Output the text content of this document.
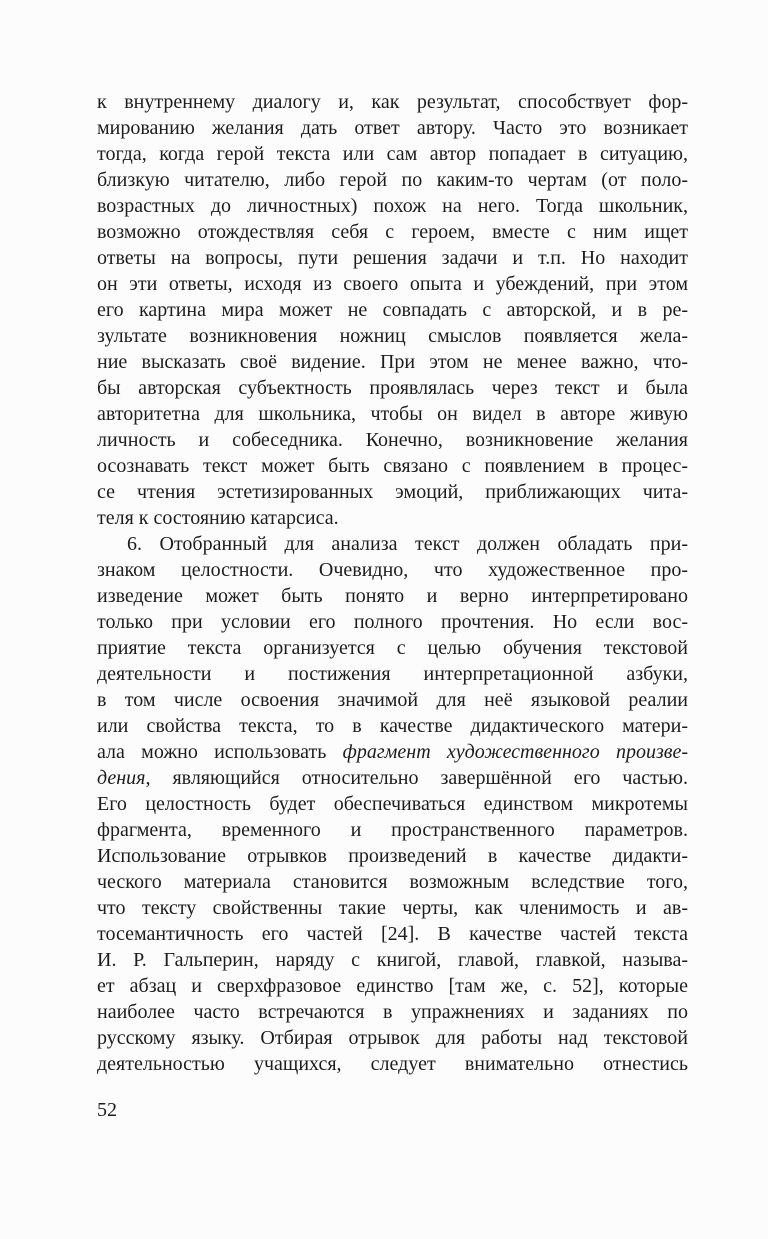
к внутреннему диалогу и, как результат, способствует фор-
мированию желания дать ответ автору. Часто это возникает
тогда, когда герой текста или сам автор попадает в ситуацию,
близкую читателю, либо герой по каким-то чертам (от поло-
возрастных до личностных) похож на него. Тогда школьник,
возможно отождествляя себя с героем, вместе с ним ищет
ответы на вопросы, пути решения задачи и т.п. Но находит
он эти ответы, исходя из своего опыта и убеждений, при этом
его картина мира может не совпадать с авторской, и в ре-
зультате возникновения ножниц смыслов появляется жела-
ние высказать своё видение. При этом не менее важно, что-
бы авторская субъектность проявлялась через текст и была
авторитетна для школьника, чтобы он видел в авторе живую
личность и собеседника. Конечно, возникновение желания
осознавать текст может быть связано с появлением в процес-
се чтения эстетизированных эмоций, приближающих чита-
теля к состоянию катарсиса.
6. Отобранный для анализа текст должен обладать при-
знаком целостности. Очевидно, что художественное про-
изведение может быть понято и верно интерпретировано
только при условии его полного прочтения. Но если вос-
приятие текста организуется с целью обучения текстовой
деятельности и постижения интерпретационной азбуки,
в том числе освоения значимой для неё языковой реалии
или свойства текста, то в качестве дидактического матери-
ала можно использовать фрагмент художественного произве-
дения, являющийся относительно завершённой его частью.
Его целостность будет обеспечиваться единством микротемы
фрагмента, временного и пространственного параметров.
Использование отрывков произведений в качестве дидакти-
ческого материала становится возможным вследствие того,
что тексту свойственны такие черты, как членимость и ав-
тосемантичность его частей [24]. В качестве частей текста
И. Р. Гальперин, наряду с книгой, главой, главкой, называ-
ет абзац и сверхфразовое единство [там же, с. 52], которые
наиболее часто встречаются в упражнениях и заданиях по
русскому языку. Отбирая отрывок для работы над текстовой
деятельностью учащихся, следует внимательно отнестись
52
